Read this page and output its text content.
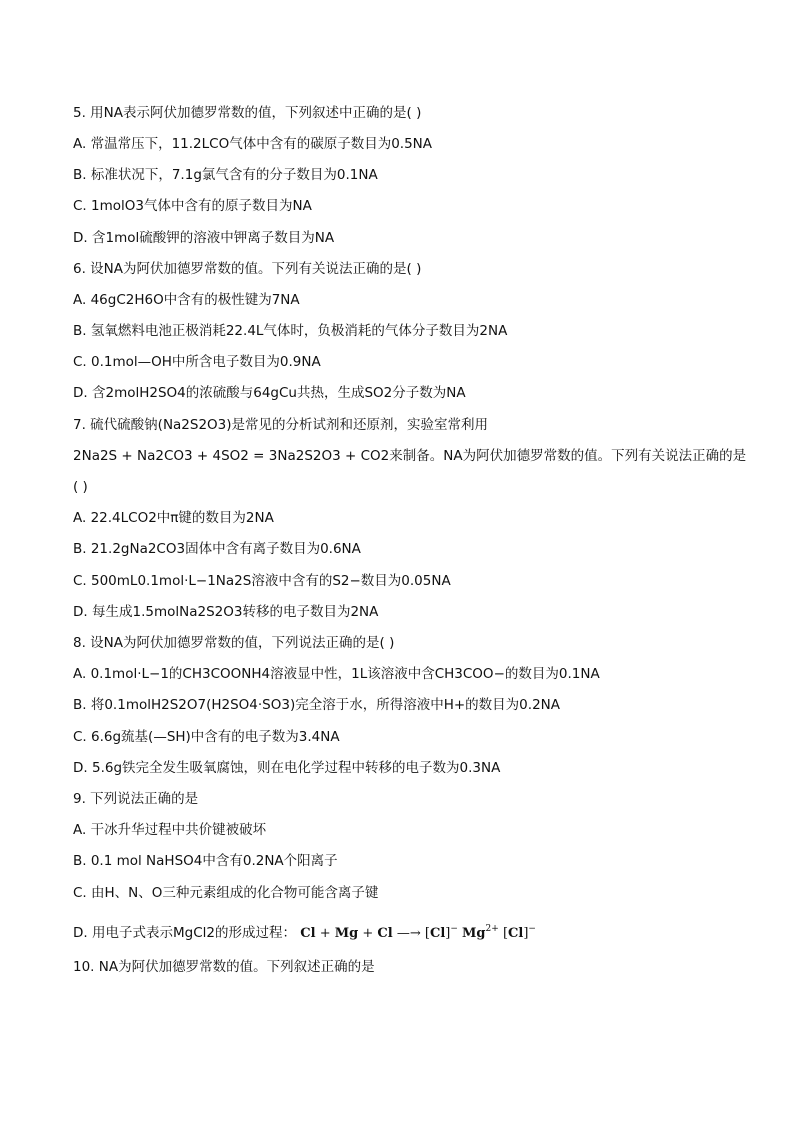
5. 用NA表示阿伏加德罗常数的值，下列叙述中正确的是( )
A. 常温常压下，11.2LCO气体中含有的碳原子数目为0.5NA
B. 标准状况下，7.1g氯气含有的分子数目为0.1NA
C. 1molO3气体中含有的原子数目为NA
D. 含1mol硫酸钾的溶液中钾离子数目为NA
6. 设NA为阿伏加德罗常数的值。下列有关说法正确的是( )
A. 46gC2H6O中含有的极性键为7NA
B. 氢氧燃料电池正极消耗22.4L气体时，负极消耗的气体分子数目为2NA
C. 0.1mol—OH中所含电子数目为0.9NA
D. 含2molH2SO4的浓硫酸与64gCu共热，生成SO2分子数为NA
7. 硫代硫酸钠(Na2S2O3)是常见的分析试剂和还原剂，实验室常利用
2Na2S + Na2CO3 + 4SO2 = 3Na2S2O3 + CO2来制备。NA为阿伏加德罗常数的值。下列有关说法正确的是
( )
A. 22.4LCO2中π键的数目为2NA
B. 21.2gNa2CO3固体中含有离子数目为0.6NA
C. 500mL0.1mol·L−1Na2S溶液中含有的S2−数目为0.05NA
D. 每生成1.5molNa2S2O3转移的电子数目为2NA
8. 设NA为阿伏加德罗常数的值，下列说法正确的是( )
A. 0.1mol·L−1的CH3COONH4溶液显中性，1L该溶液中含CH3COO−的数目为0.1NA
B. 将0.1molH2S2O7(H2SO4·SO3)完全溶于水，所得溶液中H+的数目为0.2NA
C. 6.6g巯基(—SH)中含有的电子数为3.4NA
D. 5.6g铁完全发生吸氧腐蚀，则在电化学过程中转移的电子数为0.3NA
9. 下列说法正确的是
A. 干冰升华过程中共价键被破坏
B. 0.1 mol NaHSO4中含有0.2NA个阳离子
C. 由H、N、O三种元素组成的化合物可能含离子键
D. 用电子式表示MgCl2的形成过程： Cl + Mg + Cl —→ [Cl]− $Mg^{2+}$ [Cl]−
10. NA为阿伏加德罗常数的值。下列叙述正确的是
